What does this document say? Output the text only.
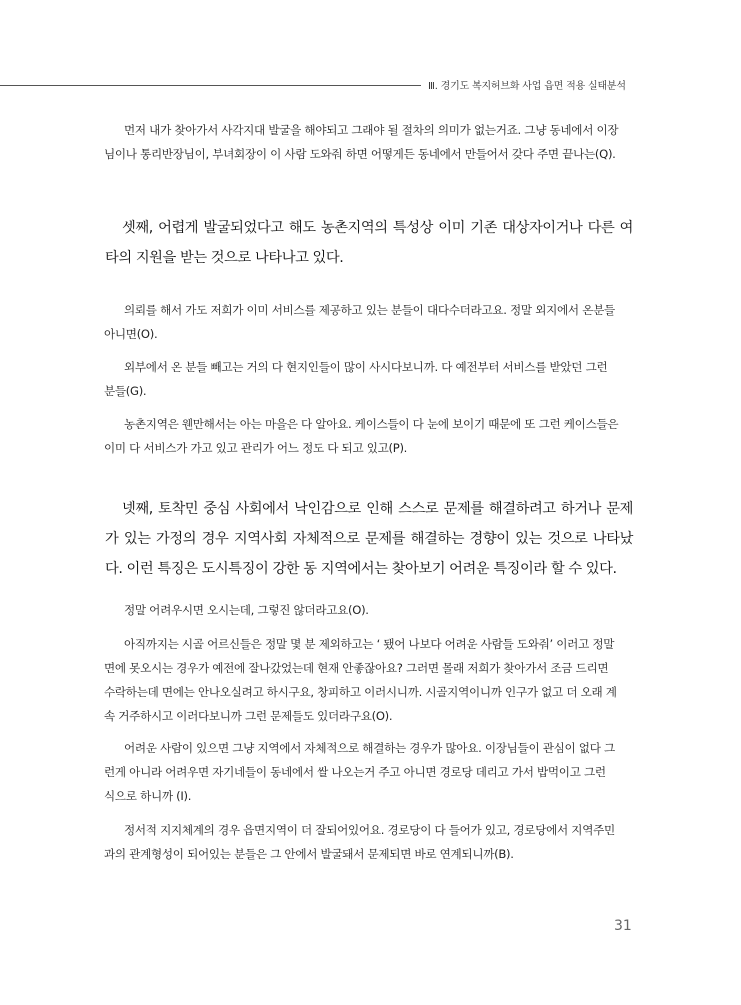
Ⅲ. 경기도 복지허브화 사업 읍면 적용 실태분석
먼저 내가 찾아가서 사각지대 발굴을 해야되고 그래야 될 절차의 의미가 없는거죠. 그냥 동네에서 이장님이나 통리반장님이, 부녀회장이 이 사람 도와줘 하면 어떻게든 동네에서 만들어서 갖다 주면 끝나는(Q).
셋째, 어렵게 발굴되었다고 해도 농촌지역의 특성상 이미 기존 대상자이거나 다른 여타의 지원을 받는 것으로 나타나고 있다.
의뢰를 해서 가도 저희가 이미 서비스를 제공하고 있는 분들이 대다수더라고요. 정말 외지에서 온분들 아니면(O).
외부에서 온 분들 빼고는 거의 다 현지인들이 많이 사시다보니까. 다 예전부터 서비스를 받았던 그런 분들(G).
농촌지역은 웬만해서는 아는 마을은 다 알아요. 케이스들이 다 눈에 보이기 때문에 또 그런 케이스들은 이미 다 서비스가 가고 있고 관리가 어느 정도 다 되고 있고(P).
넷째, 토착민 중심 사회에서 낙인감으로 인해 스스로 문제를 해결하려고 하거나 문제가 있는 가정의 경우 지역사회 자체적으로 문제를 해결하는 경향이 있는 것으로 나타났다. 이런 특징은 도시특징이 강한 동 지역에서는 찾아보기 어려운 특징이라 할 수 있다.
정말 어려우시면 오시는데, 그렇진 않더라고요(O).
아직까지는 시골 어르신들은 정말 몇 분 제외하고는 ‘ 됐어 나보다 어려운 사람들 도와줘’ 이러고 정말 면에 못오시는 경우가 예전에 잘나갔었는데 현재 안좋잖아요? 그러면 몰래 저희가 찾아가서 조금 드리면 수락하는데 면에는 안나오실려고 하시구요, 창피하고 이러시니까. 시골지역이니까 인구가 없고 더 오래 계속 거주하시고 이러다보니까 그런 문제들도 있더라구요(O).
어려운 사람이 있으면 그냥 지역에서 자체적으로 해결하는 경우가 많아요. 이장님들이 관심이 없다 그런게 아니라 어려우면 자기네들이 동네에서 쌀 나오는거 주고 아니면 경로당 데리고 가서 밥먹이고 그런 식으로 하니까 (I).
정서적 지지체계의 경우 읍면지역이 더 잘되어있어요. 경로당이 다 들어가 있고, 경로당에서 지역주민과의 관계형성이 되어있는 분들은 그 안에서 발굴돼서 문제되면 바로 연계되니까(B).
31
